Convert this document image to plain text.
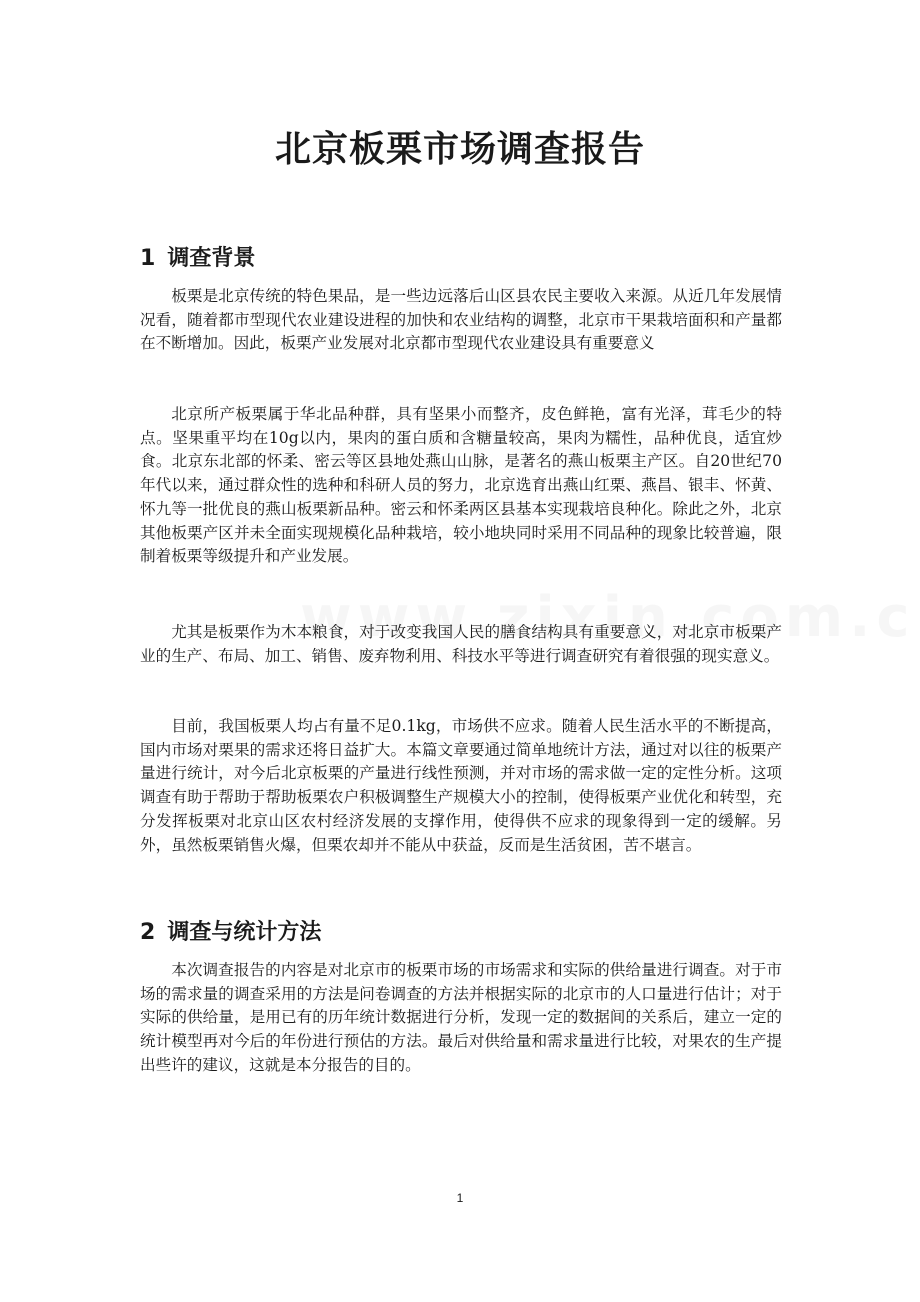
北京板栗市场调查报告
1 调查背景

板栗是北京传统的特色果品，是一些边远落后山区县农民主要收入来源。从近几年发展情况看，随着都市型现代农业建设进程的加快和农业结构的调整，北京市干果栽培面积和产量都在不断增加。因此，板栗产业发展对北京都市型现代农业建设具有重要意义

北京所产板栗属于华北品种群，具有坚果小而整齐，皮色鲜艳，富有光泽，茸毛少的特点。坚果重平均在10g以内，果肉的蛋白质和含糖量较高，果肉为糯性，品种优良，适宜炒食。北京东北部的怀柔、密云等区县地处燕山山脉，是著名的燕山板栗主产区。自20世纪70年代以来，通过群众性的选种和科研人员的努力，北京选育出燕山红栗、燕昌、银丰、怀黄、怀九等一批优良的燕山板栗新品种。密云和怀柔两区县基本实现栽培良种化。除此之外，北京其他板栗产区并未全面实现规模化品种栽培，较小地块同时采用不同品种的现象比较普遍，限制着板栗等级提升和产业发展。

尤其是板栗作为木本粮食，对于改变我国人民的膳食结构具有重要意义，对北京市板栗产业的生产、布局、加工、销售、废弃物利用、科技水平等进行调查研究有着很强的现实意义。

目前，我国板栗人均占有量不足0.1kg，市场供不应求。随着人民生活水平的不断提高，国内市场对栗果的需求还将日益扩大。本篇文章要通过简单地统计方法，通过对以往的板栗产量进行统计，对今后北京板栗的产量进行线性预测，并对市场的需求做一定的定性分析。这项调查有助于帮助于帮助板栗农户积极调整生产规模大小的控制，使得板栗产业优化和转型，充分发挥板栗对北京山区农村经济发展的支撑作用，使得供不应求的现象得到一定的缓解。另外，虽然板栗销售火爆，但栗农却并不能从中获益，反而是生活贫困，苦不堪言。

2 调查与统计方法

本次调查报告的内容是对北京市的板栗市场的市场需求和实际的供给量进行调查。对于市场的需求量的调查采用的方法是问卷调查的方法并根据实际的北京市的人口量进行估计；对于实际的供给量，是用已有的历年统计数据进行分析，发现一定的数据间的关系后，建立一定的统计模型再对今后的年份进行预估的方法。最后对供给量和需求量进行比较，对果农的生产提出些许的建议，这就是本分报告的目的。

1
